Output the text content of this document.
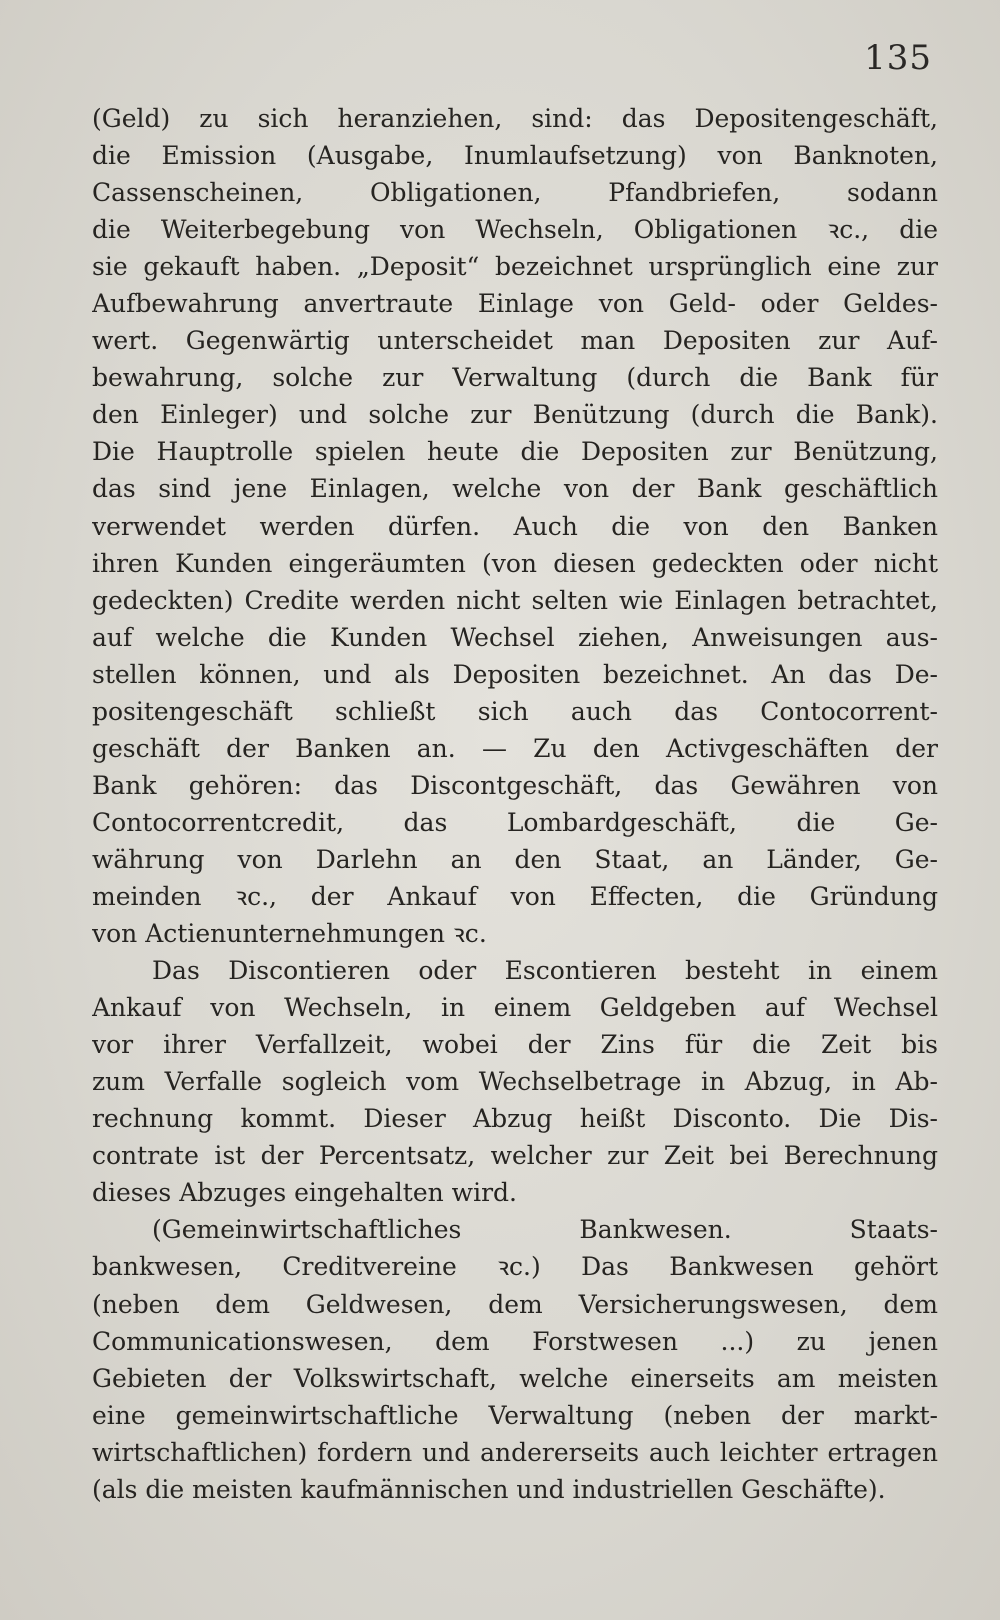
135
(Geld) zu sich heranziehen, sind: das Depositengeschäft,
die Emission (Ausgabe, Inumlaufsetzung) von Banknoten,
Cassenscheinen, Obligationen, Pfandbriefen, sodann
die Weiterbegebung von Wechseln, Obligationen ꝛc., die
sie gekauft haben. „Deposit“ bezeichnet ursprünglich eine zur
Aufbewahrung anvertraute Einlage von Geld- oder Geldes-
wert. Gegenwärtig unterscheidet man Depositen zur Auf-
bewahrung, solche zur Verwaltung (durch die Bank für
den Einleger) und solche zur Benützung (durch die Bank).
Die Hauptrolle spielen heute die Depositen zur Benützung,
das sind jene Einlagen, welche von der Bank geschäftlich
verwendet werden dürfen. Auch die von den Banken
ihren Kunden eingeräumten (von diesen gedeckten oder nicht
gedeckten) Credite werden nicht selten wie Einlagen betrachtet,
auf welche die Kunden Wechsel ziehen, Anweisungen aus-
stellen können, und als Depositen bezeichnet. An das De-
positengeschäft schließt sich auch das Contocorrent-
geschäft der Banken an. — Zu den Activgeschäften der
Bank gehören: das Discontgeschäft, das Gewähren von
Contocorrentcredit, das Lombardgeschäft, die Ge-
währung von Darlehn an den Staat, an Länder, Ge-
meinden ꝛc., der Ankauf von Effecten, die Gründung
von Actienunternehmungen ꝛc.
Das Discontieren oder Escontieren besteht in einem
Ankauf von Wechseln, in einem Geldgeben auf Wechsel
vor ihrer Verfallzeit, wobei der Zins für die Zeit bis
zum Verfalle sogleich vom Wechselbetrage in Abzug, in Ab-
rechnung kommt. Dieser Abzug heißt Disconto. Die Dis-
contrate ist der Percentsatz, welcher zur Zeit bei Berechnung
dieses Abzuges eingehalten wird.
(Gemeinwirtschaftliches Bankwesen. Staats-
bankwesen, Creditvereine ꝛc.) Das Bankwesen gehört
(neben dem Geldwesen, dem Versicherungswesen, dem
Communicationswesen, dem Forstwesen ...) zu jenen
Gebieten der Volkswirtschaft, welche einerseits am meisten
eine gemeinwirtschaftliche Verwaltung (neben der markt-
wirtschaftlichen) fordern und andererseits auch leichter ertragen
(als die meisten kaufmännischen und industriellen Geschäfte).
